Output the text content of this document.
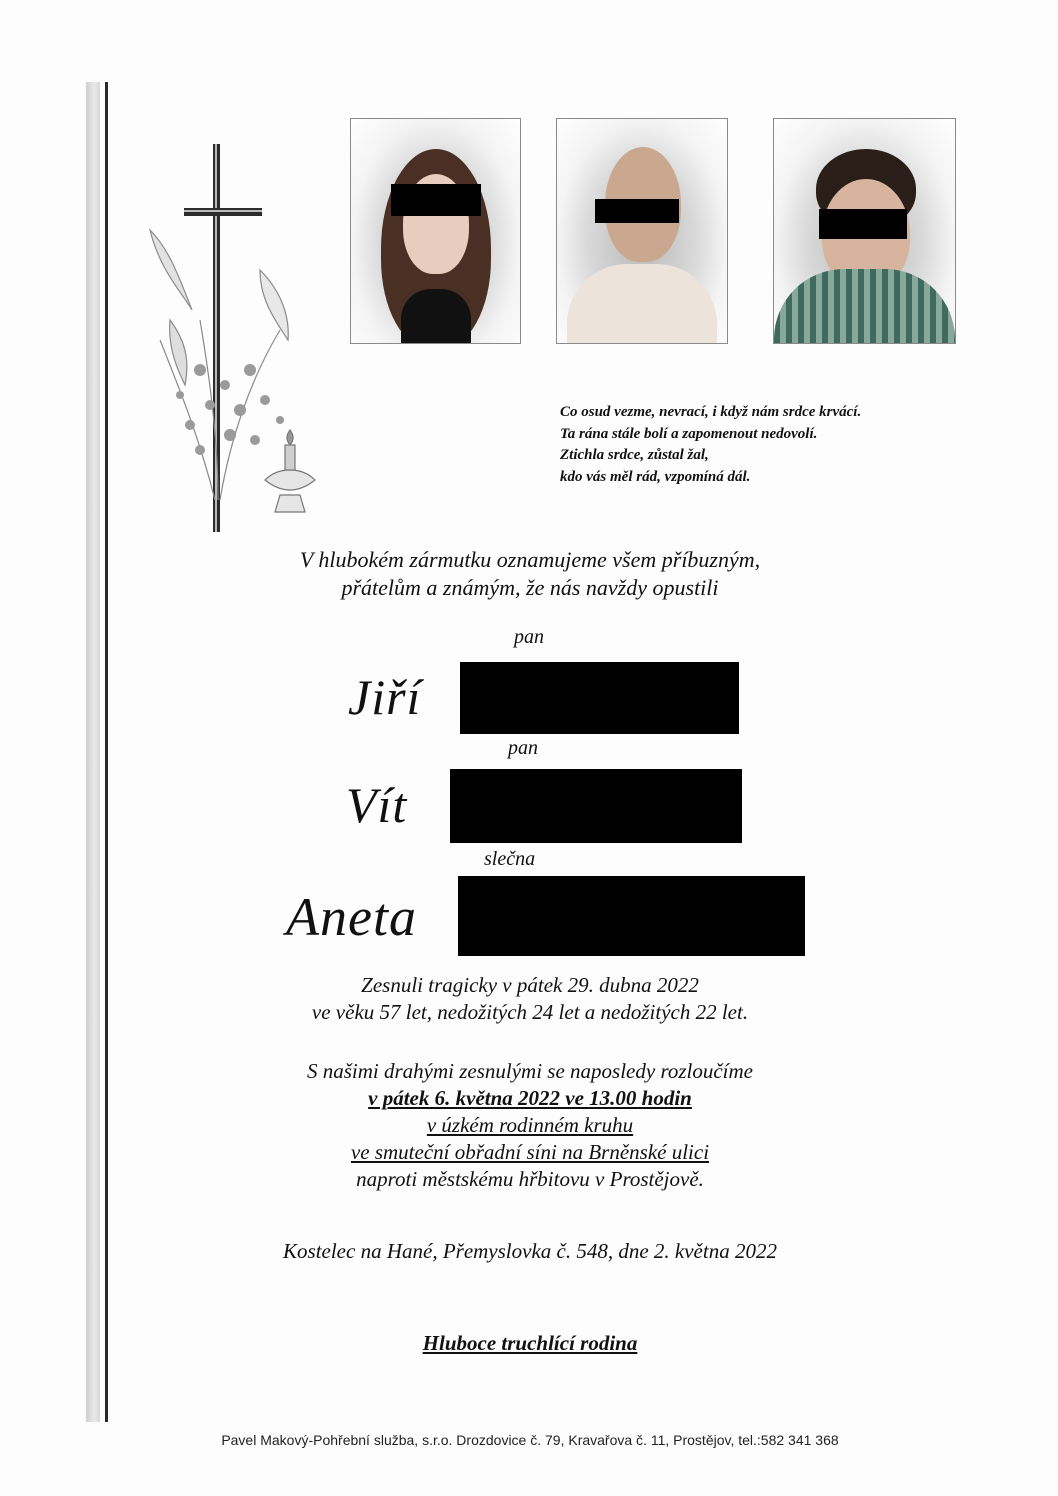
Co osud vezme, nevrací, i když nám srdce krvácí.
Ta rána stále bolí a zapomenout nedovolí.
Ztichla srdce, zůstal žal,
kdo vás měl rád, vzpomíná dál.
V hlubokém zármutku oznamujeme všem příbuzným,
přátelům a známým, že nás navždy opustili
pan
Jiří
pan
Vít
slečna
Aneta
Zesnuli tragicky v pátek 29. dubna 2022
ve věku 57 let, nedožitých 24 let a nedožitých 22 let.
S našimi drahými zesnulými se naposledy rozloučíme
v pátek 6. května 2022 ve 13.00 hodin
v úzkém rodinném kruhu
ve smuteční obřadní síni na Brněnské ulici
naproti městskému hřbitovu v Prostějově.
Kostelec na Hané, Přemyslovka č. 548, dne 2. května 2022
Hluboce truchlící rodina
Pavel Makový-Pohřební služba, s.r.o. Drozdovice č. 79, Kravařova č. 11, Prostějov, tel.:582 341 368
